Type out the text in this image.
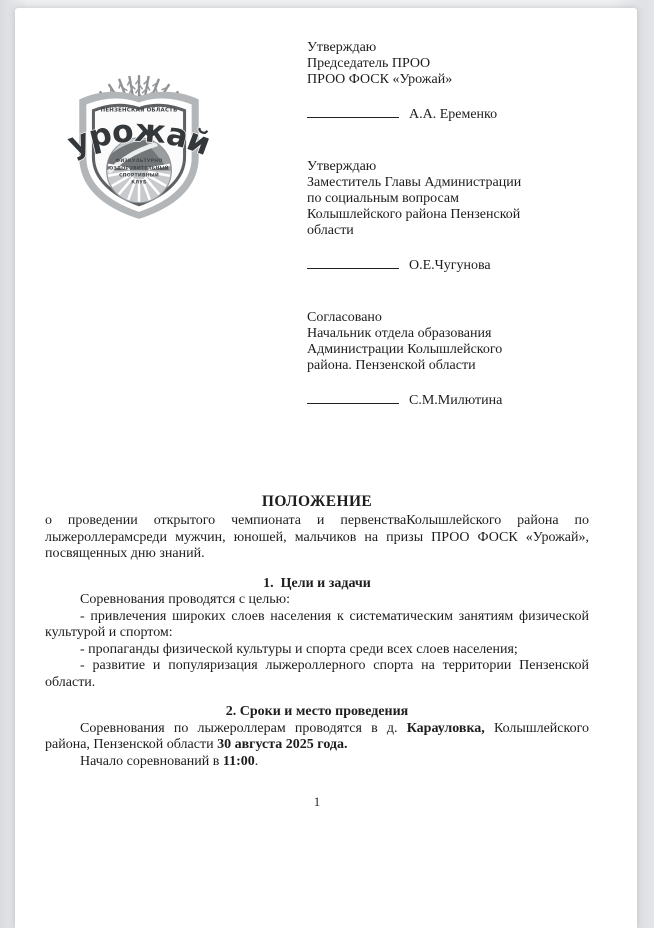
ФИЗКУЛЬТУРНО
ОЗДОРОВИТЕЛЬНЫЙ
СПОРТИВНЫЙ
КЛУБ
- ПЕНЗЕНСКАЯ ОБЛАСТЬ -
урожай
Утверждаю
Председатель ПРОО
ПРОО ФОСК «Урожай»
А.А. Еременко
Утверждаю
Заместитель Главы Администрации
по социальным вопросам
Колышлейского района Пензенской
области
О.Е.Чугунова
Согласовано
Начальник отдела образования
Администрации Колышлейского
района. Пензенской области
С.М.Милютина
ПОЛОЖЕНИЕ

о проведении открытого чемпионата и первенстваКолышлейского района по лыжероллерамсреди мужчин, юношей, мальчиков на призы ПРОО ФОСК «Урожай», посвященных дню знаний.

1.  Цели и задачи

Соревнования проводятся с целью:

- привлечения широких слоев населения к систематическим занятиям физической культурой и спортом:

- пропаганды физической культуры и спорта среди всех слоев населения;

- развитие и популяризация лыжероллерного спорта на территории Пензенской области.

2. Сроки и место проведения

Соревнования по лыжероллерам проводятся в д. Карауловка, Колышлейского района, Пензенской области 30 августа 2025 года.

Начало соревнований в 11:00.

1
